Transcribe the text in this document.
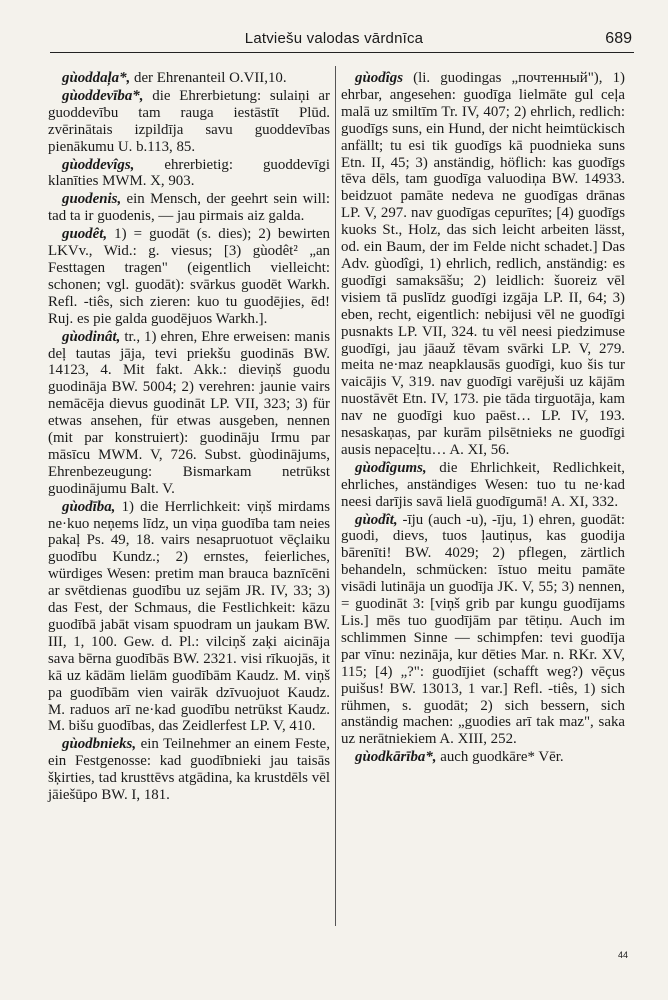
Latviešu valodas vārdnīca	689

gùoddaļa*, der Ehrenanteil O.VII,10.

gùoddevība*, die Ehrerbietung: sulaiņi ar guoddevību tam rauga iestāstīt Plūd. zvērinātais izpildīja savu guoddevības pienākumu U. b.113, 85.

gùoddevîgs, ehrerbietig: guoddevīgi klanīties MWM. X, 903.

guodenis, ein Mensch, der geehrt sein will: tad ta ir guodenis, — jau pirmais aiz galda.

guodêt, 1) = guodāt (s. dies); 2) bewirten LKVv., Wid.: g. viesus; [3) gùodêt² „an Festtagen tragen" (eigentlich vielleicht: schonen; vgl. guodāt): svārkus guodēt Warkh. Refl. -tiês, sich zieren: kuo tu guodējies, ēd! Ruj. es pie galda guodējuos Warkh.].

gùodinât, tr., 1) ehren, Ehre erweisen: manis deļ tautas jāja, tevi priekšu guodinās BW. 14123, 4. Mit fakt. Akk.: dieviņš guodu guodināja BW. 5004; 2) verehren: jaunie vairs nemācēja dievus guodināt LP. VII, 323; 3) für etwas ansehen, für etwas ausgeben, nennen (mit par konstruiert): guodināju Irmu par māsīcu MWM. V, 726. Subst. gùodinājums, Ehrenbezeugung: Bismarkam netrūkst guodinājumu Balt. V.

gùodība, 1) die Herrlichkeit: viņš mirdams ne·kuo neņems līdz, un viņa guodība tam neies pakaļ Ps. 49, 18. vairs nesapruotuot vēçlaiku guodību Kundz.; 2) ernstes, feierliches, würdiges Wesen: pretim man brauca baznīcēni ar svētdienas guodību uz sejām JR. IV, 33; 3) das Fest, der Schmaus, die Festlichkeit: kāzu guodībā jabāt visam spuodram un jaukam BW. III, 1, 100. Gew. d. Pl.: vilciņš zaķi aicināja sava bērna guodībās BW. 2321. visi rīkuojās, it kā uz kādām lielām guodībām Kaudz. M. viņš pa guodībām vien vairāk dzīvuojuot Kaudz. M. raduos arī ne·kad guodību netrūkst Kaudz. M. bišu guodības, das Zeidlerfest LP. V, 410.

gùodbnieks, ein Teilnehmer an einem Feste, ein Festgenosse: kad guodībnieki jau taisās šķirties, tad krusttēvs atgādina, ka krustdēls vēl jāiešūpo BW. I, 181.

gùodîgs (li. guodingas „почтенный"), 1) ehrbar, angesehen: guodīga lielmāte gul ceļa malā uz smiltīm Tr. IV, 407; 2) ehrlich, redlich: guodīgs suns, ein Hund, der nicht heimtückisch anfällt; tu esi tik guodīgs kā puodnieka suns Etn. II, 45; 3) anständig, höflich: kas guodīgs tēva dēls, tam guodīga valuodiņa BW. 14933. beidzuot pamāte nedeva ne guodīgas drānas LP. V, 297. nav guodīgas cepurītes; [4) guodīgs kuoks St., Holz, das sich leicht arbeiten lässt, od. ein Baum, der im Felde nicht schadet.] Das Adv. gùodîgi, 1) ehrlich, redlich, anständig: es guodīgi samaksāšu; 2) leidlich: šuoreiz vēl visiem tā puslīdz guodīgi izgāja LP. II, 64; 3) eben, recht, eigentlich: nebijusi vēl ne guodīgi pusnakts LP. VII, 324. tu vēl neesi piedzimuse guodīgi, jau jāauž tēvam svārki LP. V, 279. meita ne·maz neapklausās guodīgi, kuo šis tur vaicājis V, 319. nav guodīgi varējuši uz kājām nuostāvēt Etn. IV, 173. pie tāda tirguotāja, kam nav ne guodīgi kuo paēst… LP. IV, 193. nesaskaņas, par kurām pilsētnieks ne guodīgi ausis nepaceļtu… A. XI, 56.

gùodîgums, die Ehrlichkeit, Redlichkeit, ehrliches, anständiges Wesen: tuo tu ne·kad neesi darījis savā lielā guodīgumā! A. XI, 332.

gùodît, -īju (auch -u), -īju, 1) ehren, guodāt: guodi, dievs, tuos ļautiņus, kas guodija bārenīti! BW. 4029; 2) pflegen, zärtlich behandeln, schmücken: īstuo meitu pamāte visādi lutināja un guodīja JK. V, 55; 3) nennen, = guodināt 3: [viņš grib par kungu guodījams Lis.] mēs tuo guodījām par tētiņu. Auch im schlimmen Sinne — schimpfen: tevi guodīja par vīnu: nezināja, kur dēties Mar. n. RKr. XV, 115; [4) „?": guodījiet (schafft weg?) vēçus puišus! BW. 13013, 1 var.] Refl. -tiês, 1) sich rühmen, s. guodāt; 2) sich bessern, sich anständig machen: „guodies arī tak maz", saka uz nerātniekiem A. XIII, 252.

gùodkārība*, auch guodkāre* Vēr.

44
